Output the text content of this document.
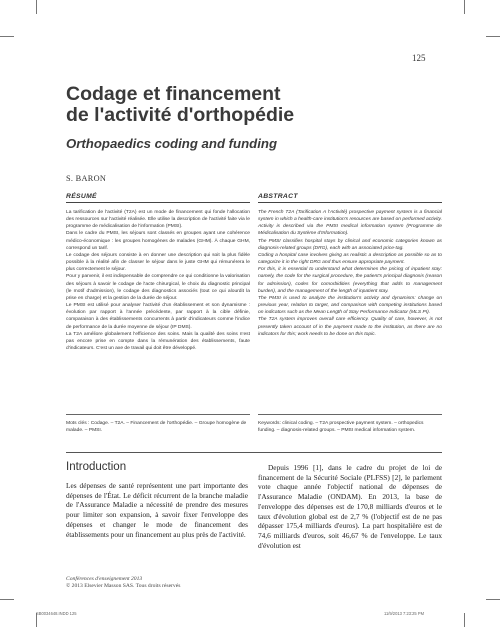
125
Codage et financement
de l'activité d'orthopédie
Orthopaedics coding and funding
S. BARON
RÉSUMÉ

La tarification de l'activité (T2A) est un mode de financement qui fonde l'allocation des ressources sur l'activité réalisée. Elle utilise la description de l'activité faite via le programme de médicalisation de l'information (PMSI).

Dans le cadre du PMSI, les séjours sont classés en groupes ayant une cohérence médico-économique : les groupes homogènes de malades (GHM). À chaque GHM, correspond un tarif.

Le codage des séjours consiste à en donner une description qui soit la plus fidèle possible à la réalité afin de classer le séjour dans le juste GHM qui rémunérera le plus correctement le séjour.

Pour y parvenir, il est indispensable de comprendre ce qui conditionne la valorisation des séjours à savoir le codage de l'acte chirurgical, le choix du diagnostic principal (le motif d'admission), le codage des diagnostics associés (tout ce qui alourdit la prise en charge) et la gestion de la durée de séjour.

Le PMSI est utilisé pour analyser l'activité d'un établissement et son dynamisme : évolution par rapport à l'année précédente, par rapport à la cible définie, comparaison à des établissements concurrents à partir d'indicateurs comme l'indice de performance de la durée moyenne de séjour (IP DMS).

La T2A améliore globalement l'efficience des soins. Mais la qualité des soins n'est pas encore prise en compte dans la rémunération des établissements, faute d'indicateurs. C'est un axe de travail qui doit être développé.

ABSTRACT

The French T2A (Tarification A l'Activité) prospective payment system is a financial system in which a health-care institution's resources are based on performed activity. Activity is described via the PMSI medical information system (Programme de Médicalisation du Système d'Information).

The PMSI classifies hospital stays by clinical and economic categories known as diagnosis-related groups (DRG), each with an associated price-tag.

Coding a hospital case involves giving as realistic a description as possible so as to categorize it in the right DRG and thus ensure appropriate payment.

For this, it is essential to understand what determines the pricing of inpatient stay: namely, the code for the surgical procedure, the patient's principal diagnosis (reason for admission), codes for comorbidities (everything that adds to management burden), and the management of the length of inpatient stay.

The PMSI is used to analyze the institution's activity and dynamism: change on previous year, relation to target, and comparison with competing institutions based on indicators such as the Mean Length of Stay Performance Indicator (MLS PI).

The T2A system improves overall care efficiency. Quality of care, however, is not presently taken account of in the payment made to the institution, as there are no indicators for this; work needs to be done on this topic.

Mots clés : Codage. – T2A. – Financement de l'orthopédie. – Groupe homogène de malade. – PMSI.

Keywords: clinical coding. – T2A prospective payment system. – orthopedics funding. – diagnosis-related groups. – PMSI medical information system.

Introduction

Les dépenses de santé représentent une part importante des dépenses de l'État. Le déficit récurrent de la branche maladie de l'Assurance Maladie a nécessité de prendre des mesures pour limiter son expansion, à savoir fixer l'enveloppe des dépenses et changer le mode de financement des établissements pour un financement au plus près de l'activité.

Depuis 1996 [1], dans le cadre du projet de loi de financement de la Sécurité Sociale (PLFSS) [2], le parlement vote chaque année l'objectif national de dépenses de l'Assurance Maladie (ONDAM). En 2013, la base de l'enveloppe des dépenses est de 170,8 milliards d'euros et le taux d'évolution global est de 2,7 % (l'objectif est de ne pas dépasser 175,4 milliards d'euros). La part hospitalière est de 74,6 milliards d'euros, soit 46,67 % de l'enveloppe. Le taux d'évolution est

Conférences d'enseignement 2013
© 2013 Elsevier Masson SAS. Tous droits réservés
SB0034648.INDD 125	11/9/2013 7:23:25 PM
